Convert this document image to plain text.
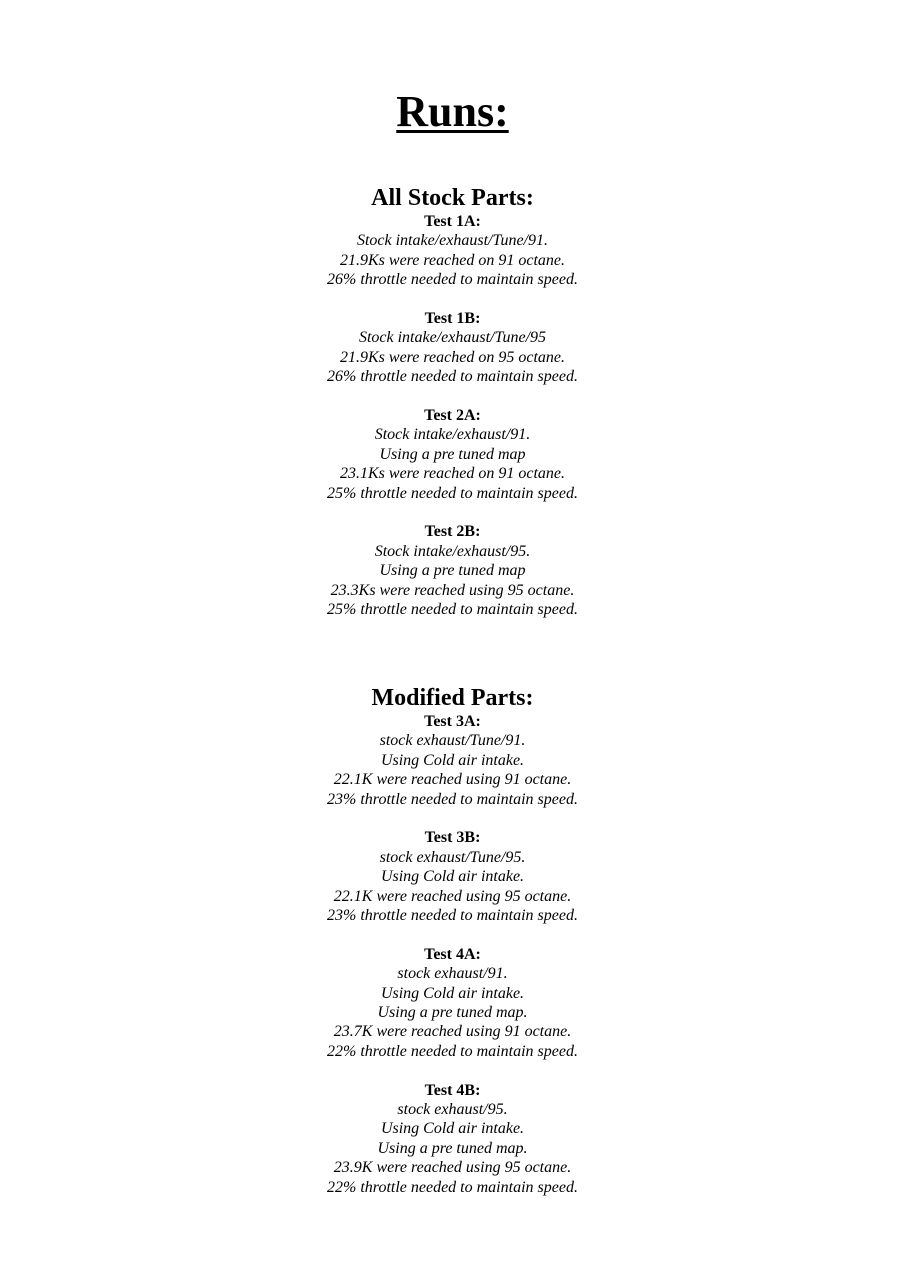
Runs:
All Stock Parts:
Test 1A:
Stock intake/exhaust/Tune/91.
21.9Ks were reached on 91 octane.
26% throttle needed to maintain speed.
Test 1B:
Stock intake/exhaust/Tune/95
21.9Ks were reached on 95 octane.
26% throttle needed to maintain speed.
Test 2A:
Stock intake/exhaust/91.
Using a pre tuned map
23.1Ks were reached on 91 octane.
25% throttle needed to maintain speed.
Test 2B:
Stock intake/exhaust/95.
Using a pre tuned map
23.3Ks were reached using 95 octane.
25% throttle needed to maintain speed.
Modified Parts:
Test 3A:
stock exhaust/Tune/91.
Using Cold air intake.
22.1K were reached using 91 octane.
23% throttle needed to maintain speed.
Test 3B:
stock exhaust/Tune/95.
Using Cold air intake.
22.1K were reached using 95 octane.
23% throttle needed to maintain speed.
Test 4A:
stock exhaust/91.
Using Cold air intake.
Using a pre tuned map.
23.7K were reached using 91 octane.
22% throttle needed to maintain speed.
Test 4B:
stock exhaust/95.
Using Cold air intake.
Using a pre tuned map.
23.9K were reached using 95 octane.
22% throttle needed to maintain speed.
